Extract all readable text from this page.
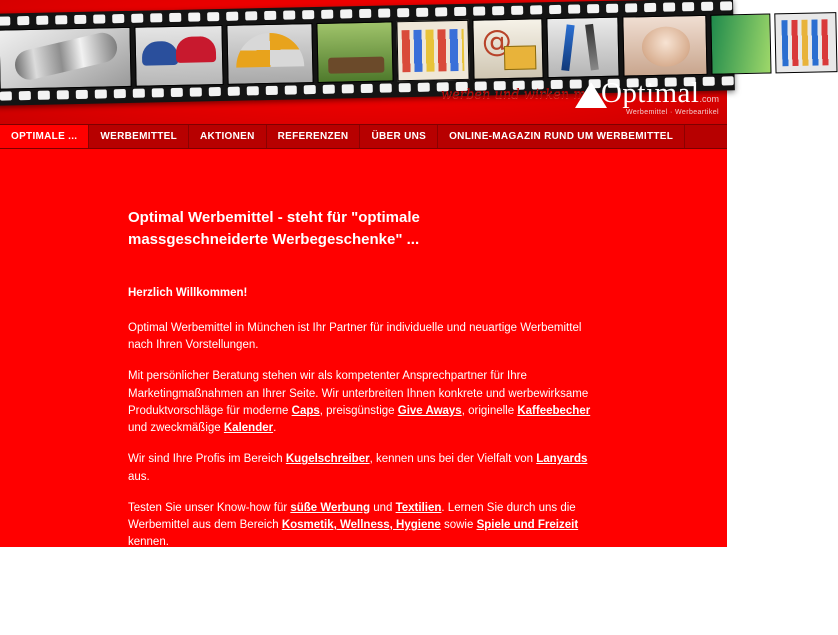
@
werben und wirken mit Optimal.com
Werbemittel · Werbeartikel
OPTIMALE ...	WERBEMITTEL	AKTIONEN	REFERENZEN	ÜBER UNS	ONLINE-MAGAZIN RUND UM WERBEMITTEL
Optimal Werbemittel - steht für "optimale massgeschneiderte Werbegeschenke" ...

Herzlich Willkommen!

Optimal Werbemittel in München ist Ihr Partner für individuelle und neuartige Werbemittel nach Ihren Vorstellungen.

Mit persönlicher Beratung stehen wir als kompetenter Ansprechpartner für Ihre Marketingmaßnahmen an Ihrer Seite. Wir unterbreiten Ihnen konkrete und werbewirksame Produktvorschläge für moderne Caps, preisgünstige Give Aways, originelle Kaffeebecher und zweckmäßige Kalender.

Wir sind Ihre Profis im Bereich Kugelschreiber, kennen uns bei der Vielfalt von Lanyards aus.

Testen Sie unser Know-how für süße Werbung und Textilien. Lernen Sie durch uns die Werbemittel aus dem Bereich Kosmetik, Wellness, Hygiene sowie Spiele und Freizeit kennen.

Gerne präsentieren wir Ihnen die neuartigen Werbemittel Werben und Wachsen. Wir bieten Ihnen sowohl hochwertige Werbeartikel als auch preisgünstige Streuartikel , mit deren Einsatz Sie Ihre Kundengewinnung und Kundenbindung, Ihren Bekanntheitsgrad und Ihre Imageprägung
